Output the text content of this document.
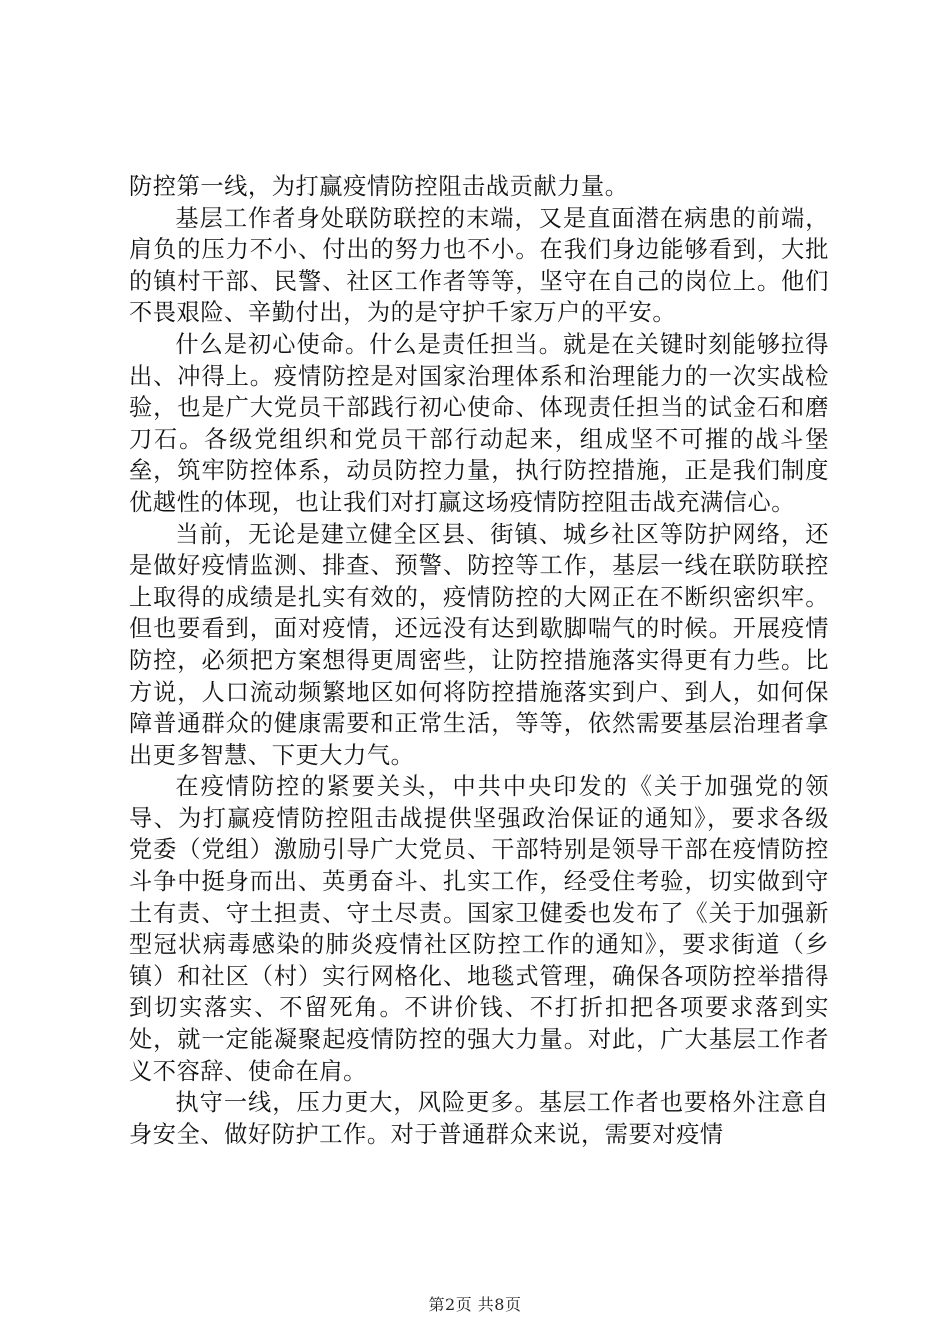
防控第一线，为打赢疫情防控阻击战贡献力量。

基层工作者身处联防联控的末端，又是直面潜在病患的前端，肩负的压力不小、付出的努力也不小。在我们身边能够看到，大批的镇村干部、民警、社区工作者等等，坚守在自己的岗位上。他们不畏艰险、辛勤付出，为的是守护千家万户的平安。

什么是初心使命。什么是责任担当。就是在关键时刻能够拉得出、冲得上。疫情防控是对国家治理体系和治理能力的一次实战检验，也是广大党员干部践行初心使命、体现责任担当的试金石和磨刀石。各级党组织和党员干部行动起来，组成坚不可摧的战斗堡垒，筑牢防控体系，动员防控力量，执行防控措施，正是我们制度优越性的体现，也让我们对打赢这场疫情防控阻击战充满信心。

当前，无论是建立健全区县、街镇、城乡社区等防护网络，还是做好疫情监测、排查、预警、防控等工作，基层一线在联防联控上取得的成绩是扎实有效的，疫情防控的大网正在不断织密织牢。但也要看到，面对疫情，还远没有达到歇脚喘气的时候。开展疫情防控，必须把方案想得更周密些，让防控措施落实得更有力些。比方说，人口流动频繁地区如何将防控措施落实到户、到人，如何保障普通群众的健康需要和正常生活，等等，依然需要基层治理者拿出更多智慧、下更大力气。

在疫情防控的紧要关头，中共中央印发的《关于加强党的领导、为打赢疫情防控阻击战提供坚强政治保证的通知》，要求各级党委（党组）激励引导广大党员、干部特别是领导干部在疫情防控斗争中挺身而出、英勇奋斗、扎实工作，经受住考验，切实做到守土有责、守土担责、守土尽责。国家卫健委也发布了《关于加强新型冠状病毒感染的肺炎疫情社区防控工作的通知》，要求街道（乡镇）和社区（村）实行网格化、地毯式管理，确保各项防控举措得到切实落实、不留死角。不讲价钱、不打折扣把各项要求落到实处，就一定能凝聚起疫情防控的强大力量。对此，广大基层工作者义不容辞、使命在肩。

执守一线，压力更大，风险更多。基层工作者也要格外注意自身安全、做好防护工作。对于普通群众来说，需要对疫情

第2页 共8页
